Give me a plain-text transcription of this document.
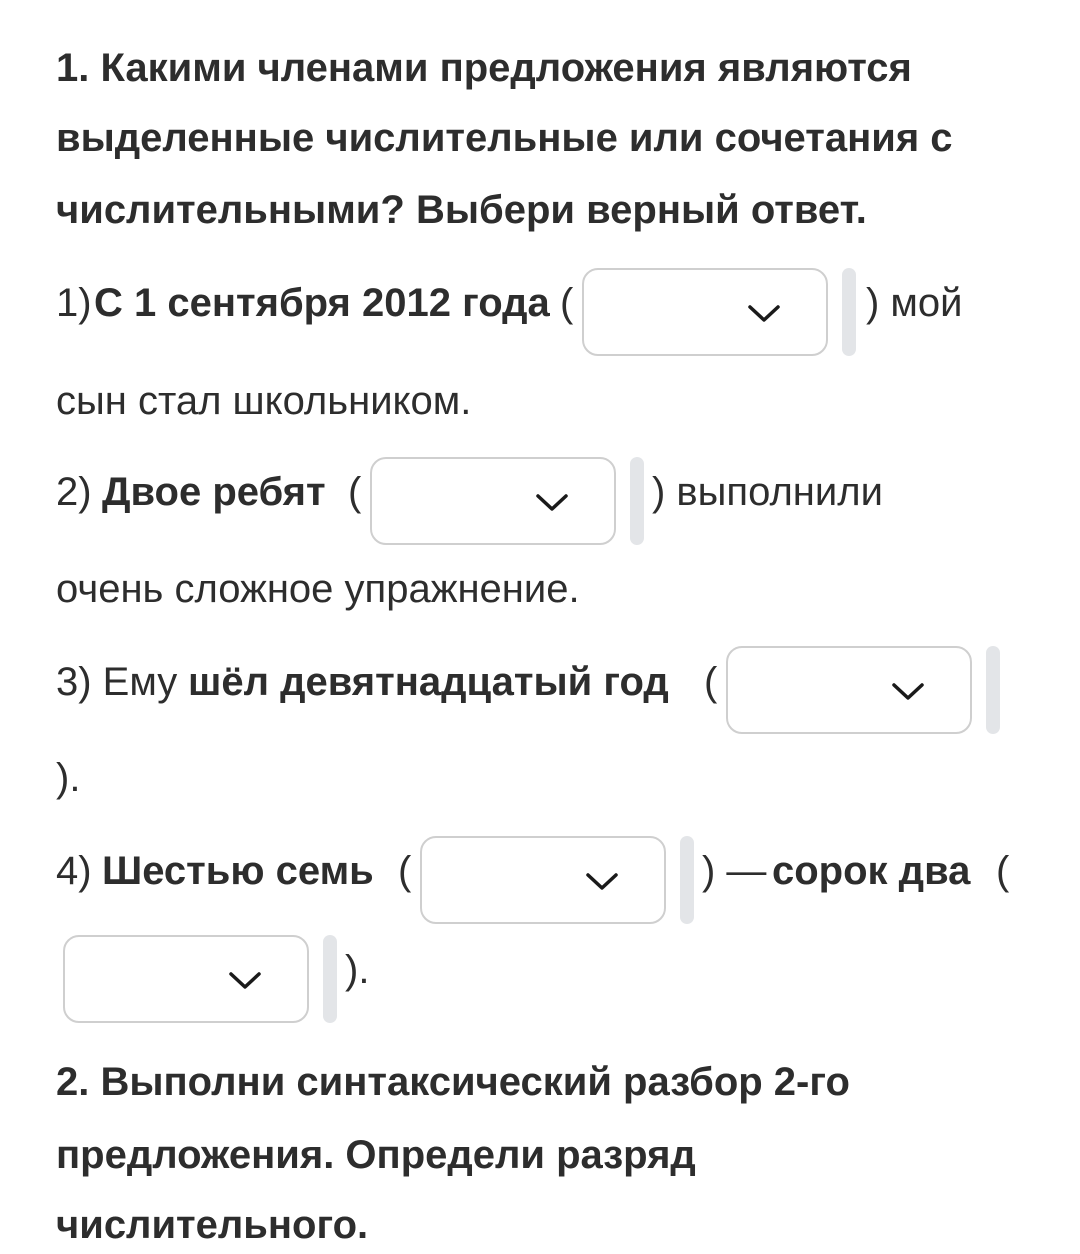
1. Какими членами предложения являются
выделенные числительные или сочетания с
числительными? Выбери верный ответ.
1) С 1 сентября 2012 года (	) мой
сын стал школьником.
2) Двое ребят (	) выполнили
очень сложное упражнение.
3) Ему шёл девятнадцатый год (
).
4) Шестью семь (	) — сорок два (
).
2. Выполни синтаксический разбор 2-го
предложения. Определи разряд
числительного.
